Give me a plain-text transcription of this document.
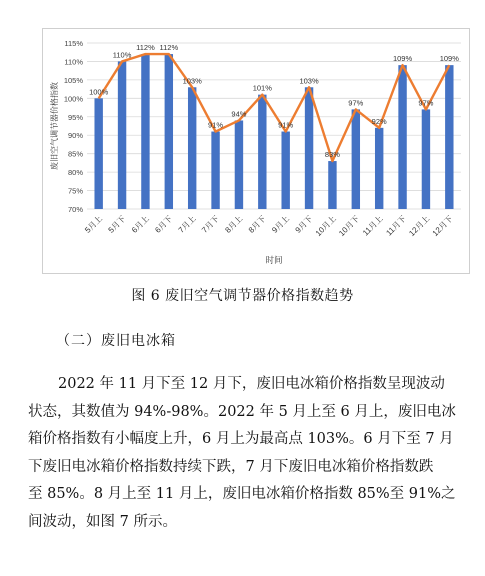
70%
75%
80%
85%
90%
95%
100%
105%
110%
115%
100%
110%
112% 112%
103%
91%
94%
101%
91%
103%
83%
97%
92%
109%
97%
109%
5月上 5月下 6月上 6月下 7月上 7月下 8月上 8月下 9月上 9月下 10月上 10月下 11月上 11月下 12月上 12月下
废旧空气调节器价格指数
时间
图 6 废旧空气调节器价格指数趋势
（二）废旧电冰箱
2022 年 11 月下至 12 月下，废旧电冰箱价格指数呈现波动
状态，其数值为 94%-98%。2022 年 5 月上至 6 月上，废旧电冰
箱价格指数有小幅度上升，6 月上为最高点 103%。6 月下至 7 月
下废旧电冰箱价格指数持续下跌，7 月下废旧电冰箱价格指数跌
至 85%。8 月上至 11 月上，废旧电冰箱价格指数 85%至 91%之
间波动，如图 7 所示。
